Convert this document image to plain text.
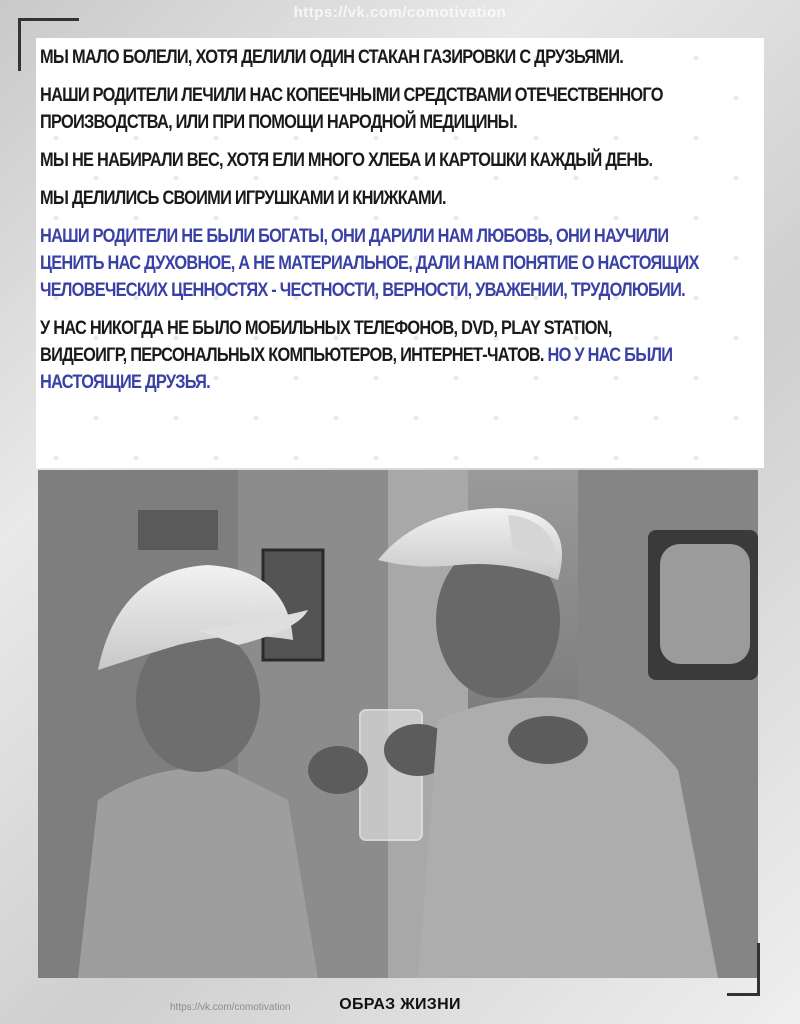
https://vk.com/comotivation

МЫ МАЛО БОЛЕЛИ, ХОТЯ ДЕЛИЛИ ОДИН СТАКАН ГАЗИРОВКИ С ДРУЗЬЯМИ.

НАШИ РОДИТЕЛИ ЛЕЧИЛИ НАС КОПЕЕЧНЫМИ СРЕДСТВАМИ ОТЕЧЕСТВЕННОГО

ПРОИЗВОДСТВА, ИЛИ ПРИ ПОМОЩИ НАРОДНОЙ МЕДИЦИНЫ.

МЫ НЕ НАБИРАЛИ ВЕС, ХОТЯ ЕЛИ МНОГО ХЛЕБА И КАРТОШКИ КАЖДЫЙ ДЕНЬ.

МЫ ДЕЛИЛИСЬ СВОИМИ ИГРУШКАМИ И КНИЖКАМИ.

НАШИ РОДИТЕЛИ НЕ БЫЛИ БОГАТЫ, ОНИ ДАРИЛИ НАМ ЛЮБОВЬ, ОНИ НАУЧИЛИ

ЦЕНИТЬ НАС ДУХОВНОЕ, А НЕ МАТЕРИАЛЬНОЕ, ДАЛИ НАМ ПОНЯТИЕ О НАСТОЯЩИХ

ЧЕЛОВЕЧЕСКИХ ЦЕННОСТЯХ - ЧЕСТНОСТИ, ВЕРНОСТИ, УВАЖЕНИИ, ТРУДОЛЮБИИ.

У НАС НИКОГДА НЕ БЫЛО МОБИЛЬНЫХ ТЕЛЕФОНОВ, DVD, PLAY STATION,

ВИДЕОИГР, ПЕРСОНАЛЬНЫХ КОМПЬЮТЕРОВ, ИНТЕРНЕТ-ЧАТОВ. НО У НАС БЫЛИ

НАСТОЯЩИЕ ДРУЗЬЯ.

https://vk.com/comotivation	ОБРАЗ ЖИЗНИ
